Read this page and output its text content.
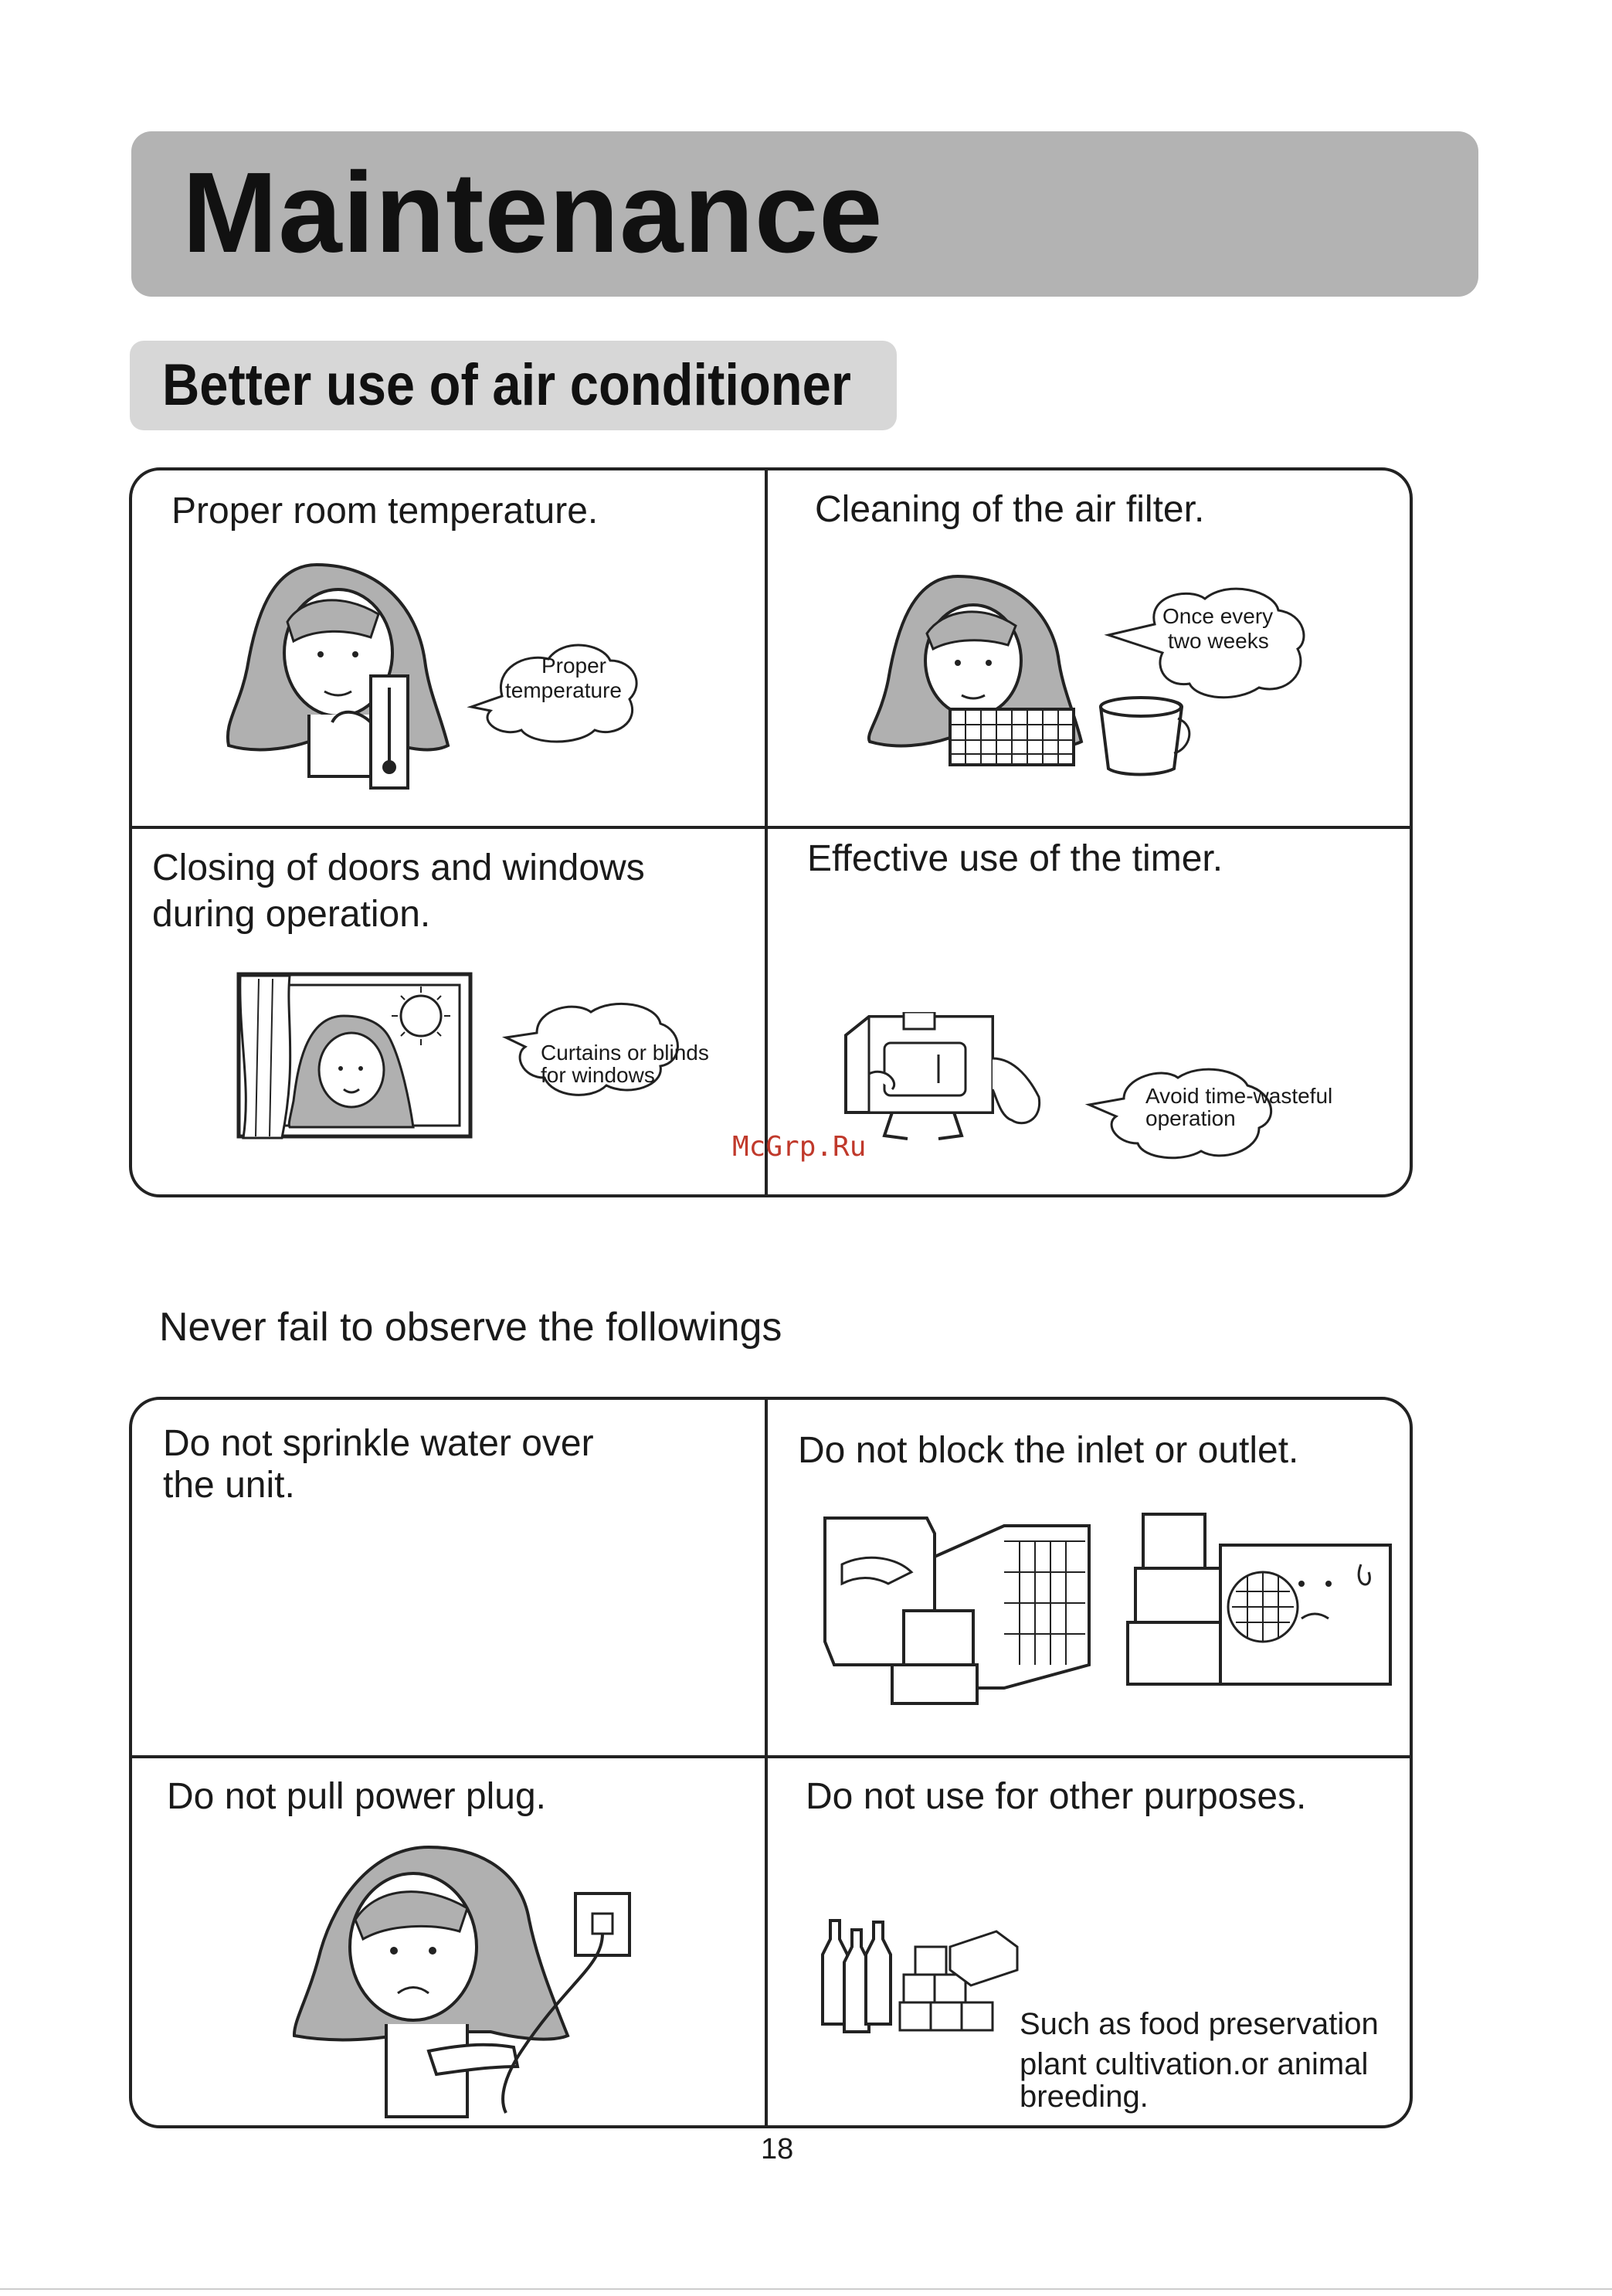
Maintenance
Better use of air conditioner
Proper room temperature.
Proper
temperature
Cleaning of the air filter.
Once every
two weeks
Closing of doors and windows
during operation.
Curtains or blinds
for windows
Effective use of the timer.
Avoid time-wasteful
operation
McGrp.Ru
Never fail to observe the followings
Do not sprinkle water over
the unit.
Do not block the inlet or outlet.
Do not pull power plug.	Do not use for other purposes.
Such as food preservation
plant cultivation.or animal
breeding.
18
